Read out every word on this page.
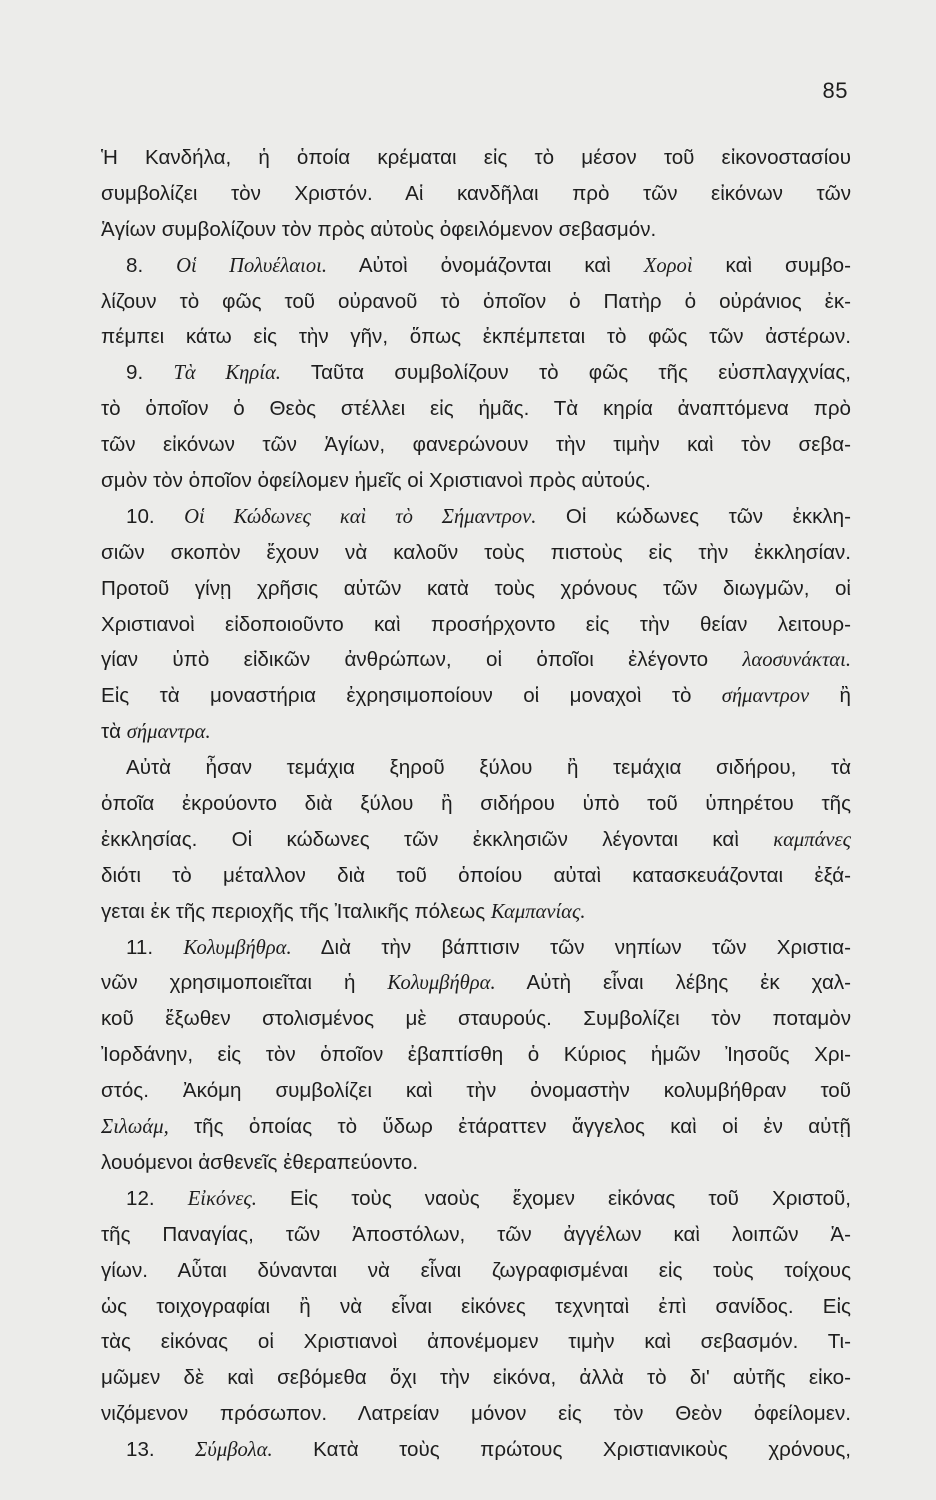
85
Ἡ Κανδήλα, ἡ ὁποία κρέμαται εἰς τὸ μέσον τοῦ εἰκονοστασίου
συμβολίζει τὸν Χριστόν. Αἱ κανδῆλαι πρὸ τῶν εἰκόνων τῶν
Ἁγίων συμβολίζουν τὸν πρὸς αὐτοὺς ὀφειλόμενον σεβασμόν.
8. Οἱ Πολυέλαιοι. Αὐτοὶ ὀνομάζονται καὶ Χοροὶ καὶ συμβο-
λίζουν τὸ φῶς τοῦ οὐρανοῦ τὸ ὁποῖον ὁ Πατὴρ ὁ οὐράνιος ἐκ-
πέμπει κάτω εἰς τὴν γῆν, ὅπως ἐκπέμπεται τὸ φῶς τῶν ἀστέρων.
9. Τὰ Κηρία. Ταῦτα συμβολίζουν τὸ φῶς τῆς εὐσπλαγχνίας,
τὸ ὁποῖον ὁ Θεὸς στέλλει εἰς ἡμᾶς. Τὰ κηρία ἀναπτόμενα πρὸ
τῶν εἰκόνων τῶν Ἁγίων, φανερώνουν τὴν τιμὴν καὶ τὸν σεβα-
σμὸν τὸν ὁποῖον ὀφείλομεν ἡμεῖς οἱ Χριστιανοὶ πρὸς αὐτούς.
10. Οἱ Κώδωνες καὶ τὸ Σήμαντρον. Οἱ κώδωνες τῶν ἐκκλη-
σιῶν σκοπὸν ἔχουν νὰ καλοῦν τοὺς πιστοὺς εἰς τὴν ἐκκλησίαν.
Προτοῦ γίνῃ χρῆσις αὐτῶν κατὰ τοὺς χρόνους τῶν διωγμῶν, οἱ
Χριστιανοὶ εἰδοποιοῦντο καὶ προσήρχοντο εἰς τὴν θείαν λειτουρ-
γίαν ὑπὸ εἰδικῶν ἀνθρώπων, οἱ ὁποῖοι ἐλέγοντο λαοσυνάκται.
Εἰς τὰ μοναστήρια ἐχρησιμοποίουν οἱ μοναχοὶ τὸ σήμαντρον ἢ
τὰ σήμαντρα.
Αὐτὰ ἦσαν τεμάχια ξηροῦ ξύλου ἢ τεμάχια σιδήρου, τὰ
ὁποῖα ἐκρούοντο διὰ ξύλου ἢ σιδήρου ὑπὸ τοῦ ὑπηρέτου τῆς
ἐκκλησίας. Οἱ κώδωνες τῶν ἐκκλησιῶν λέγονται καὶ καμπάνες
διότι τὸ μέταλλον διὰ τοῦ ὁποίου αὐταὶ κατασκευάζονται ἐξά-
γεται ἐκ τῆς περιοχῆς τῆς Ἰταλικῆς πόλεως Καμπανίας.
11. Κολυμβήθρα. Διὰ τὴν βάπτισιν τῶν νηπίων τῶν Χριστια-
νῶν χρησιμοποιεῖται ἡ Κολυμβήθρα. Αὐτὴ εἶναι λέβης ἐκ χαλ-
κοῦ ἔξωθεν στολισμένος μὲ σταυρούς. Συμβολίζει τὸν ποταμὸν
Ἰορδάνην, εἰς τὸν ὁποῖον ἐβαπτίσθη ὁ Κύριος ἡμῶν Ἰησοῦς Χρι-
στός. Ἀκόμη συμβολίζει καὶ τὴν ὀνομαστὴν κολυμβήθραν τοῦ
Σιλωάμ, τῆς ὁποίας τὸ ὕδωρ ἐτάραττεν ἄγγελος καὶ οἱ ἐν αὐτῇ
λουόμενοι ἀσθενεῖς ἐθεραπεύοντο.
12. Εἰκόνες. Εἰς τοὺς ναοὺς ἔχομεν εἰκόνας τοῦ Χριστοῦ,
τῆς Παναγίας, τῶν Ἀποστόλων, τῶν ἀγγέλων καὶ λοιπῶν Ἁ-
γίων. Αὗται δύνανται νὰ εἶναι ζωγραφισμέναι εἰς τοὺς τοίχους
ὡς τοιχογραφίαι ἢ νὰ εἶναι εἰκόνες τεχνηταὶ ἐπὶ σανίδος. Εἰς
τὰς εἰκόνας οἱ Χριστιανοὶ ἀπονέμομεν τιμὴν καὶ σεβασμόν. Τι-
μῶμεν δὲ καὶ σεβόμεθα ὄχι τὴν εἰκόνα, ἀλλὰ τὸ δι' αὐτῆς εἰκο-
νιζόμενον πρόσωπον. Λατρείαν μόνον εἰς τὸν Θεὸν ὀφείλομεν.
13. Σύμβολα. Κατὰ τοὺς πρώτους Χριστιανικοὺς χρόνους,
